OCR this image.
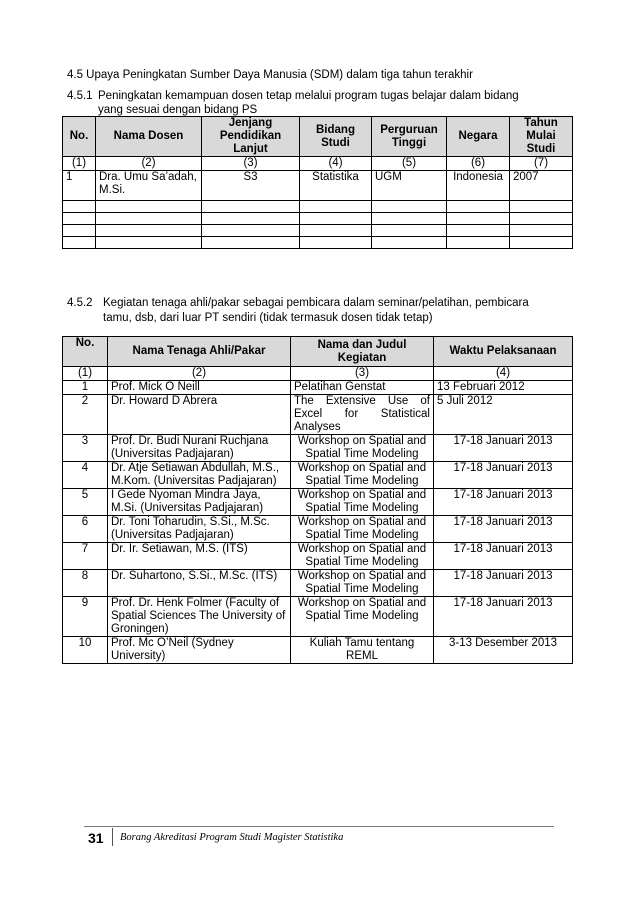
4.5 Upaya Peningkatan Sumber Daya Manusia (SDM) dalam tiga tahun terakhir
4.5.1 Peningkatan kemampuan dosen tetap melalui program tugas belajar dalam bidang
yang sesuai dengan bidang PS
No.	Nama Dosen	Jenjang Pendidikan Lanjut	Bidang Studi	Perguruan Tinggi	Negara	Tahun Mulai Studi
(1)	(2)	(3)	(4)	(5)	(6)	(7)
1	Dra. Umu Sa’adah, M.Si.	S3	Statistika	UGM	Indonesia	2007

4.5.2 Kegiatan tenaga ahli/pakar sebagai pembicara dalam seminar/pelatihan, pembicara
tamu, dsb, dari luar PT sendiri (tidak termasuk dosen tidak tetap)
No.	Nama Tenaga Ahli/Pakar	Nama dan Judul Kegiatan	Waktu Pelaksanaan
(1)	(2)	(3)	(4)
1	Prof. Mick O Neill	Pelatihan Genstat	13 Februari 2012
2	Dr. Howard D Abrera	The Extensive Use of Excel for Statistical Analyses	5 Juli 2012
3	Prof. Dr. Budi Nurani Ruchjana (Universitas Padjajaran)	Workshop on Spatial and Spatial Time Modeling	17-18 Januari 2013
4	Dr. Atje Setiawan Abdullah, M.S., M.Kom. (Universitas Padjajaran)	Workshop on Spatial and Spatial Time Modeling	17-18 Januari 2013
5	I Gede Nyoman Mindra Jaya, M.Si. (Universitas Padjajaran)	Workshop on Spatial and Spatial Time Modeling	17-18 Januari 2013
6	Dr. Toni Toharudin, S.Si., M.Sc. (Universitas Padjajaran)	Workshop on Spatial and Spatial Time Modeling	17-18 Januari 2013
7	Dr. Ir. Setiawan, M.S. (ITS)	Workshop on Spatial and Spatial Time Modeling	17-18 Januari 2013
8	Dr. Suhartono, S.Si., M.Sc. (ITS)	Workshop on Spatial and Spatial Time Modeling	17-18 Januari 2013
9	Prof. Dr. Henk Folmer (Faculty of Spatial Sciences The University of Groningen)	Workshop on Spatial and Spatial Time Modeling	17-18 Januari 2013
10	Prof. Mc O’Neil (Sydney University)	Kuliah Tamu tentang REML	3-13 Desember 2013
31 Borang Akreditasi Program Studi Magister Statistika
